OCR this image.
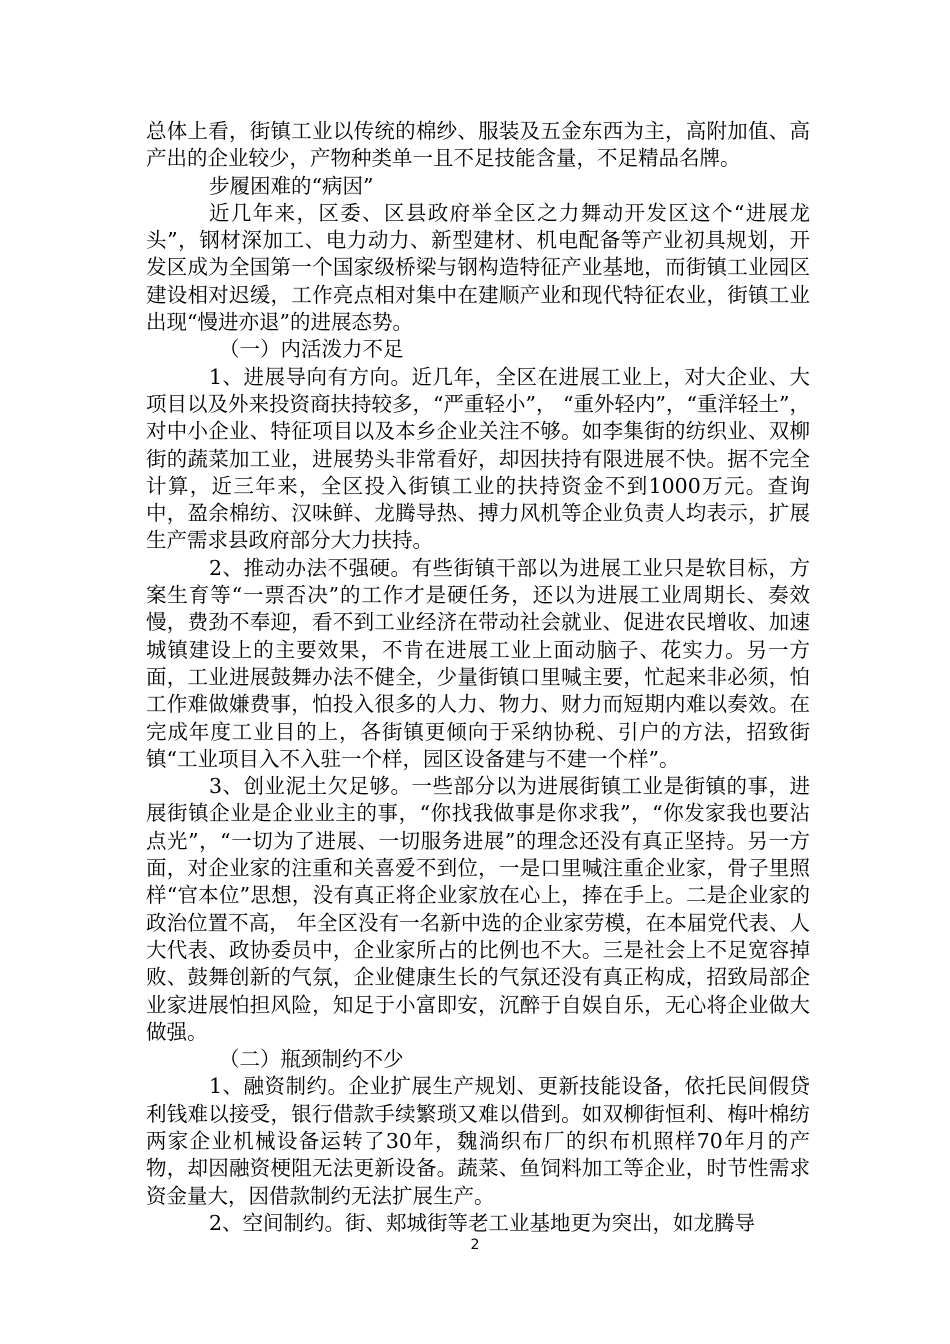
总体上看，街镇工业以传统的棉纱、服装及五金东西为主，高附加值、高产出的企业较少，产物种类单一且不足技能含量，不足精品名牌。

步履困难的“病因”

近几年来，区委、区县政府举全区之力舞动开发区这个“进展龙头”，钢材深加工、电力动力、新型建材、机电配备等产业初具规划，开发区成为全国第一个国家级桥梁与钢构造特征产业基地，而街镇工业园区建设相对迟缓，工作亮点相对集中在建顺产业和现代特征农业，街镇工业出现“慢进亦退”的进展态势。

（一）内活泼力不足

1、进展导向有方向。近几年，全区在进展工业上，对大企业、大项目以及外来投资商扶持较多，“严重轻小”， “重外轻内”，“重洋轻土”，对中小企业、特征项目以及本乡企业关注不够。如李集街的纺织业、双柳街的蔬菜加工业，进展势头非常看好，却因扶持有限进展不快。据不完全计算，近三年来，全区投入街镇工业的扶持资金不到1000万元。查询中，盈余棉纺、汉味鲜、龙腾导热、搏力风机等企业负责人均表示，扩展生产需求县政府部分大力扶持。

2、推动办法不强硬。有些街镇干部以为进展工业只是软目标，方案生育等“一票否决”的工作才是硬任务，还以为进展工业周期长、奏效慢，费劲不奉迎，看不到工业经济在带动社会就业、促进农民增收、加速城镇建设上的主要效果，不肯在进展工业上面动脑子、花实力。另一方面，工业进展鼓舞办法不健全，少量街镇口里喊主要，忙起来非必须，怕工作难做嫌费事，怕投入很多的人力、物力、财力而短期内难以奏效。在完成年度工业目的上，各街镇更倾向于采纳协税、引户的方法，招致街镇“工业项目入不入驻一个样，园区设备建与不建一个样”。

3、创业泥土欠足够。一些部分以为进展街镇工业是街镇的事，进展街镇企业是企业业主的事，“你找我做事是你求我”，“你发家我也要沾点光”，“一切为了进展、一切服务进展”的理念还没有真正坚持。另一方面，对企业家的注重和关喜爱不到位，一是口里喊注重企业家，骨子里照样“官本位”思想，没有真正将企业家放在心上，捧在手上。二是企业家的政治位置不高， 年全区没有一名新中选的企业家劳模，在本届党代表、人大代表、政协委员中，企业家所占的比例也不大。三是社会上不足宽容掉败、鼓舞创新的气氛，企业健康生长的气氛还没有真正构成，招致局部企业家进展怕担风险，知足于小富即安，沉醉于自娱自乐，无心将企业做大做强。

（二）瓶颈制约不少

1、融资制约。企业扩展生产规划、更新技能设备，依托民间假贷利钱难以接受，银行借款手续繁琐又难以借到。如双柳街恒利、梅叶棉纺两家企业机械设备运转了30年，魏淌织布厂的织布机照样70年月的产物，却因融资梗阻无法更新设备。蔬菜、鱼饲料加工等企业，时节性需求资金量大，因借款制约无法扩展生产。

2、空间制约。街、郏城街等老工业基地更为突出，如龙腾导

2
